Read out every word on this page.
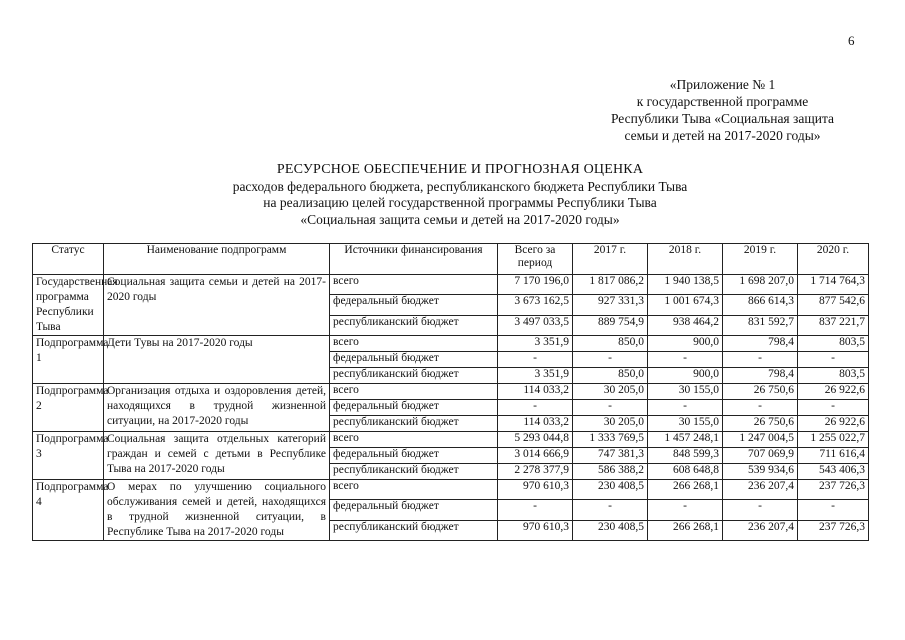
6
«Приложение № 1
к государственной программе
Республики Тыва «Социальная защита
семьи и детей на 2017-2020 годы»
РЕСУРСНОЕ ОБЕСПЕЧЕНИЕ И ПРОГНОЗНАЯ ОЦЕНКА
расходов федерального бюджета, республиканского бюджета Республики Тыва
на реализацию целей государственной программы Республики Тыва
«Социальная защита семьи и детей на 2017-2020 годы»
Статус	Наименование подпрограмм	Источники финансирования	Всего за период	2017 г.	2018 г.	2019 г.	2020 г.
Государственная программа Республики Тыва	Социальная защита семьи и детей на 2017-2020 годы	всего	7 170 196,0	1 817 086,2	1 940 138,5	1 698 207,0	1 714 764,3
		федеральный бюджет	3 673 162,5	927 331,3	1 001 674,3	866 614,3	877 542,6
		республиканский бюджет	3 497 033,5	889 754,9	938 464,2	831 592,7	837 221,7
Подпрограмма 1	Дети Тувы на 2017-2020 годы	всего	3 351,9	850,0	900,0	798,4	803,5
		федеральный бюджет	-	-	-	-	-
		республиканский бюджет	3 351,9	850,0	900,0	798,4	803,5
Подпрограмма 2	Организация отдыха и оздоровления детей, находящихся в трудной жизненной ситуации, на 2017-2020 годы	всего	114 033,2	30 205,0	30 155,0	26 750,6	26 922,6
		федеральный бюджет	-	-	-	-	-
		республиканский бюджет	114 033,2	30 205,0	30 155,0	26 750,6	26 922,6
Подпрограмма 3	Социальная защита отдельных категорий граждан и семей с детьми в Республике Тыва на 2017-2020 годы	всего	5 293 044,8	1 333 769,5	1 457 248,1	1 247 004,5	1 255 022,7
		федеральный бюджет	3 014 666,9	747 381,3	848 599,3	707 069,9	711 616,4
		республиканский бюджет	2 278 377,9	586 388,2	608 648,8	539 934,6	543 406,3
Подпрограмма 4	О мерах по улучшению социального обслуживания семей и детей, находящихся в трудной жизненной ситуации, в Республике Тыва на 2017-2020 годы	всего	970 610,3	230 408,5	266 268,1	236 207,4	237 726,3
		федеральный бюджет	-	-	-	-	-
		республиканский бюджет	970 610,3	230 408,5	266 268,1	236 207,4	237 726,3
